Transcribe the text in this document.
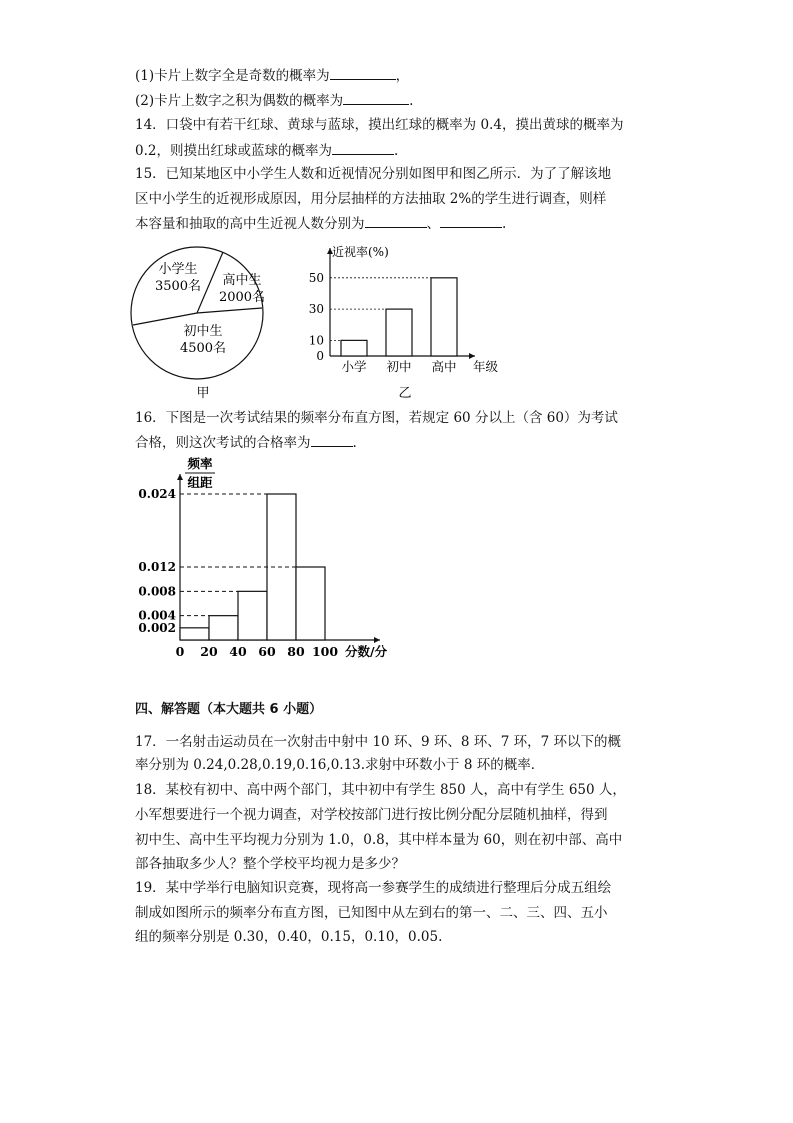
(1)卡片上数字全是奇数的概率为	，
(2)卡片上数字之积为偶数的概率为	.
14．口袋中有若干红球、黄球与蓝球，摸出红球的概率为 0.4，摸出黄球的概率为
0.2，则摸出红球或蓝球的概率为	.
15．已知某地区中小学生人数和近视情况分别如图甲和图乙所示．为了了解该地
区中小学生的近视形成原因，用分层抽样的方法抽取 2%的学生进行调查，则样
本容量和抽取的高中生近视人数分别为	、	.
小学生
3500名 高中生
2000名
初中生
4500名
甲
近视率(%)
年级
0
10
30
50
小学 初中 高中
乙
16．下图是一次考试结果的频率分布直方图，若规定 60 分以上（含 60）为考试
合格，则这次考试的合格率为	.
频率
组距
0.024
0.012
0.008
0.004
0.002
0 20 40 60 80 100 分数/分
四、解答题（本大题共 6 小题）
17．一名射击运动员在一次射击中射中 10 环、9 环、8 环、7 环，7 环以下的概
率分别为 0.24,0.28,0.19,0.16,0.13.求射中环数小于 8 环的概率．
18．某校有初中、高中两个部门，其中初中有学生 850 人，高中有学生 650 人，
小军想要进行一个视力调查，对学校按部门进行按比例分配分层随机抽样，得到
初中生、高中生平均视力分别为 1.0，0.8，其中样本量为 60，则在初中部、高中
部各抽取多少人？整个学校平均视力是多少？
19．某中学举行电脑知识竞赛，现将高一参赛学生的成绩进行整理后分成五组绘
制成如图所示的频率分布直方图，已知图中从左到右的第一、二、三、四、五小
组的频率分别是 0.30，0.40，0.15，0.10，0.05.
